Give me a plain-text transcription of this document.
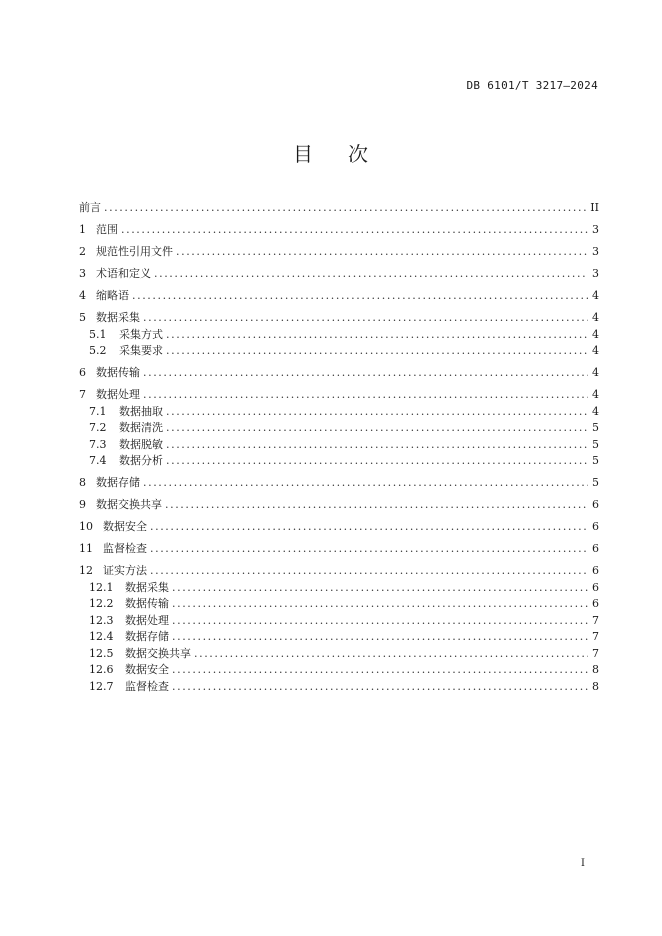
DB 6101/T 3217—2024
目 次
前言 .....	II
1 范围 .....	3
2 规范性引用文件 .....	3
3 术语和定义 .....	3
4 缩略语 .....	4
5 数据采集 .....	4
5.1	采集方式 .....	4
5.2	采集要求 .....	4
6 数据传输 .....	4
7 数据处理 .....	4
7.1	数据抽取 .....	4
7.2	数据清洗 .....	5
7.3	数据脱敏 .....	5
7.4	数据分析 .....	5
8 数据存储 .....	5
9 数据交换共享 .....	6
10 数据安全 .....	6
11 监督检查 .....	6
12 证实方法 .....	6
12.1	数据采集 .....	6
12.2	数据传输 .....	6
12.3	数据处理 .....	7
12.4	数据存储 .....	7
12.5	数据交换共享 .....	7
12.6	数据安全 .....	8
12.7	监督检查 .....	8
I
